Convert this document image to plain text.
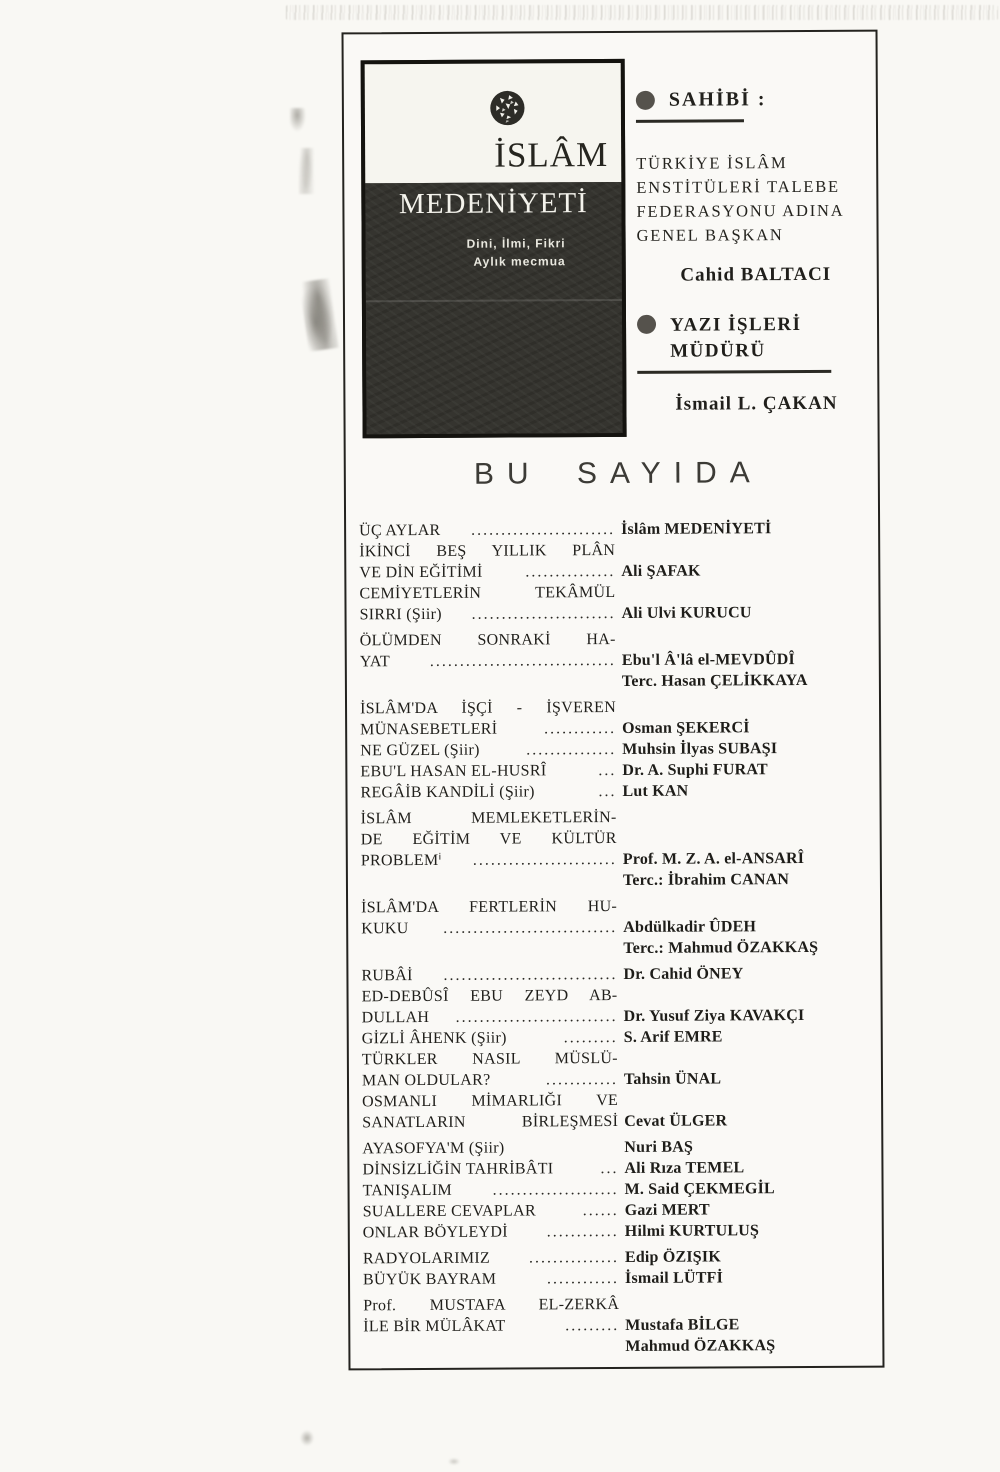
İSLÂM
MEDENİYETİ
Dini, İlmi, Fikri
Aylık mecmua
SAHİBİ :
TÜRKİYE İSLÂM
ENSTİTÜLERİ TALEBE
FEDERASYONU ADINA
GENEL BAŞKAN
Cahid BALTACI
YAZI İŞLERİ
MÜDÜRÜ
İsmail L. ÇAKAN
BU SAYIDA
ÜÇ AYLAR	........................ İslâm MEDENİYETİ
İKİNCİ BEŞ YILLIK PLÂN
VE DİN EĞİTİMİ	............... Ali ŞAFAK
CEMİYETLERİN TEKÂMÜL
SIRRI (Şiir)	........................ Ali Ulvi KURUCU
ÖLÜMDEN SONRAKİ HA-
YAT	............................... Ebu'l Â'lâ el-MEVDÛDÎ
Terc. Hasan ÇELİKKAYA
İSLÂM'DA İŞÇİ - İŞVEREN
MÜNASEBETLERİ	............ Osman ŞEKERCİ
NE GÜZEL (Şiir)	............... Muhsin İlyas SUBAŞI
EBU'L HASAN EL-HUSRÎ	... Dr. A. Suphi FURAT
REGÂİB KANDİLİ (Şiir)	... Lut KAN
İSLÂM MEMLEKETLERİN-
DE EĞİTİM VE KÜLTÜR
PROBLEMⁱ	........................ Prof. M. Z. A. el-ANSARÎ
Terc.: İbrahim CANAN
İSLÂM'DA FERTLERİN HU-
KUKU	............................. Abdülkadir ÛDEH
Terc.: Mahmud ÖZAKKAŞ
RUBÂİ	............................. Dr. Cahid ÖNEY
ED-DEBÛSÎ EBU ZEYD AB-
DULLAH	........................... Dr. Yusuf Ziya KAVAKÇI
GİZLİ ÂHENK (Şiir)	......... S. Arif EMRE
TÜRKLER NASIL MÜSLÜ-
MAN OLDULAR?	............ Tahsin ÜNAL
OSMANLI MİMARLIĞI VE
SANATLARIN BİRLEŞMESİ Cevat ÜLGER
AYASOFYA'M (Şiir)	Nuri BAŞ
DİNSİZLİĞİN TAHRİBÂTI	... Ali Rıza TEMEL
TANIŞALIM	..................... M. Said ÇEKMEGİL
SUALLERE CEVAPLAR	...... Gazi MERT
ONLAR BÖYLEYDİ	............ Hilmi KURTULUŞ
RADYOLARIMIZ	............... Edip ÖZIŞIK
BÜYÜK BAYRAM	............ İsmail LÜTFİ
Prof. MUSTAFA EL-ZERKÂ
İLE BİR MÜLÂKAT	......... Mustafa BİLGE
Mahmud ÖZAKKAŞ
